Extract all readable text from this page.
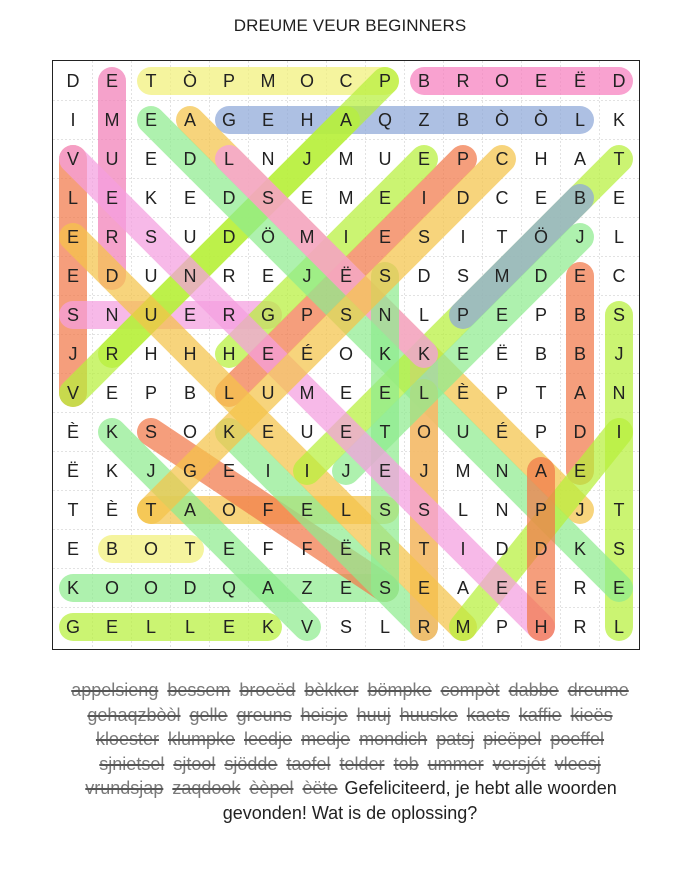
DREUME VEUR BEGINNERS
D	E	T	Ò	P	M	O	C	P	B	R	O	E	Ë	D
I	M	E	A	G	E	H	A	Q	Z	B	Ò	Ò	L	K
V	U	E	D	L	N	J	M	U	E	P	C	H	A	T
L	E	K	E	D	S	E	M	E	I	D	C	E	B	E
E	R	S	U	D	Ö	M	I	E	S	I	T	Ö	J	L
E	D	U	N	R	E	J	Ë	S	D	S	M	D	E	C
S	N	U	E	R	G	P	S	N	L	P	E	P	B	S
J	R	H	H	H	E	É	O	K	K	E	Ë	B	B	J
V	E	P	B	L	U	M	E	E	L	È	P	T	A	N
È	K	S	O	K	E	U	E	T	O	U	É	P	D	I
Ë	K	J	G	E	I	I	J	E	J	M	N	A	E
T	È	T	A	O	F	E	L	S	S	L	N	P	J	T
E	B	O	T	E	F	F	Ë	R	T	I	D	D	K	S
K	O	O	D	Q	A	Z	E	S	E	A	E	E	R	E
G	E	L	L	E	K	V	S	L	R	M	P	H	R	L
appelsieng bessem broeëd bèkker bömpke compòt dabbe dreume gehaqzbòòl gelle greuns heisje huuj huuske kaets kaffie kieës kloester klumpke leedje medje mondich patsj pieëpel poeffel sjnietsel sjtool sjödde taofel telder tob ummer versjét vleesj vrundsjap zaqdook èèpel èëte Gefeliciteerd, je hebt alle woorden gevonden! Wat is de oplossing?
